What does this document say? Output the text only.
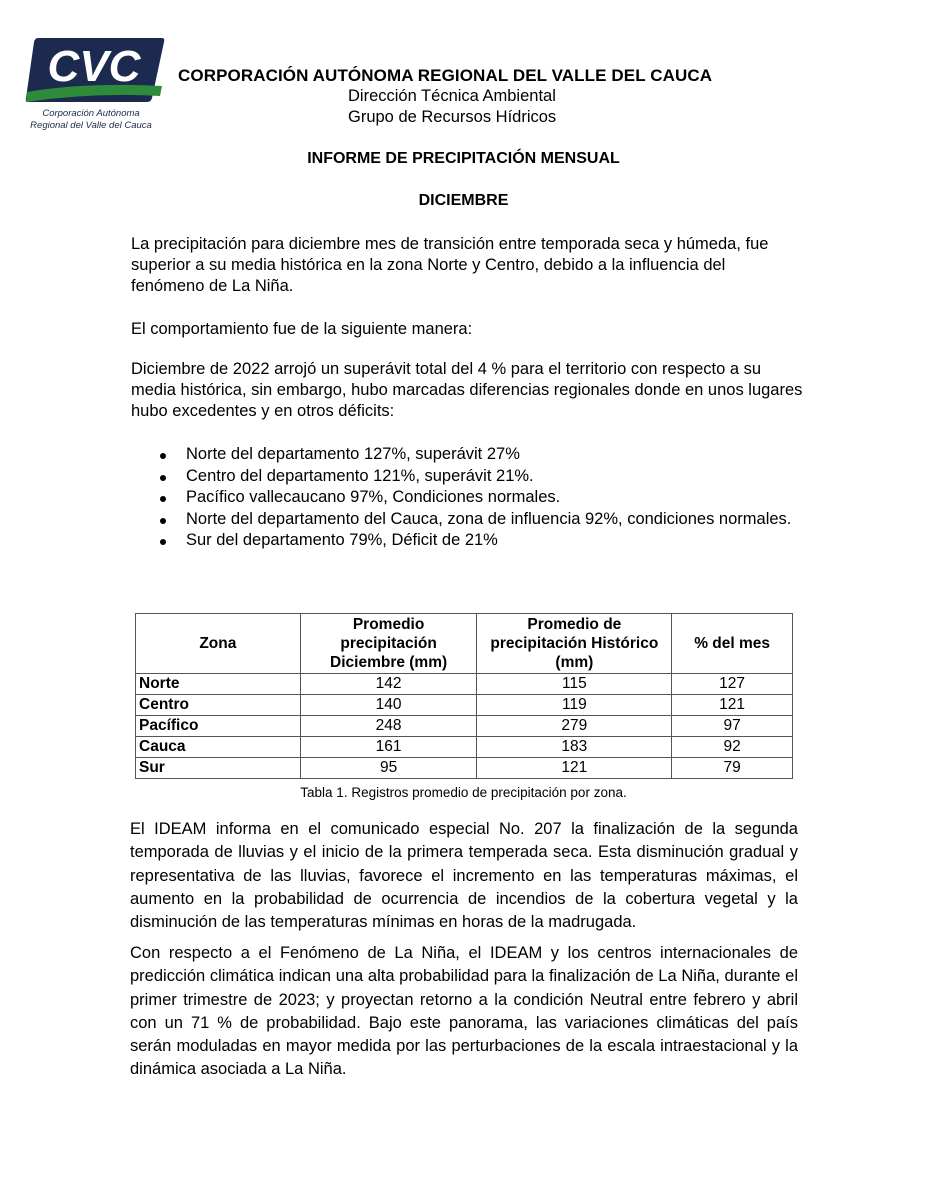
CVC
Corporación Autónoma
Regional del Valle del Cauca
CORPORACIÓN AUTÓNOMA REGIONAL DEL VALLE DEL CAUCA
Dirección Técnica Ambiental
Grupo de Recursos Hídricos
INFORME DE PRECIPITACIÓN MENSUAL
DICIEMBRE
La precipitación para diciembre mes de transición entre temporada seca y húmeda, fue superior a su media histórica en la zona Norte y Centro, debido a la influencia del fenómeno de La Niña.
El comportamiento fue de la siguiente manera:
Diciembre de 2022 arrojó un superávit total del 4 % para el territorio con respecto a su media histórica, sin embargo, hubo marcadas diferencias regionales donde en unos lugares hubo excedentes y en otros déficits:
Norte del departamento 127%, superávit 27%
Centro del departamento 121%, superávit 21%.
Pacífico vallecaucano 97%, Condiciones normales.
Norte del departamento del Cauca, zona de influencia 92%, condiciones normales.
Sur del departamento 79%, Déficit de 21%
Zona	Promedio precipitación Diciembre (mm)	Promedio de precipitación Histórico (mm)	% del mes
Norte	142	115	127
Centro	140	119	121
Pacífico	248	279	97
Cauca	161	183	92
Sur	95	121	79
Tabla 1. Registros promedio de precipitación por zona.
El IDEAM informa en el comunicado especial No. 207 la finalización de la segunda temporada de lluvias y el inicio de la primera temperada seca. Esta disminución gradual y representativa de las lluvias, favorece el incremento en las temperaturas máximas, el aumento en la probabilidad de ocurrencia de incendios de la cobertura vegetal y la disminución de las temperaturas mínimas en horas de la madrugada.
Con respecto a el Fenómeno de La Niña, el IDEAM y los centros internacionales de predicción climática indican una alta probabilidad para la finalización de La Niña, durante el primer trimestre de 2023; y proyectan retorno a la condición Neutral entre febrero y abril con un 71 % de probabilidad. Bajo este panorama, las variaciones climáticas del país serán moduladas en mayor medida por las perturbaciones de la escala intraestacional y la dinámica asociada a La Niña.
